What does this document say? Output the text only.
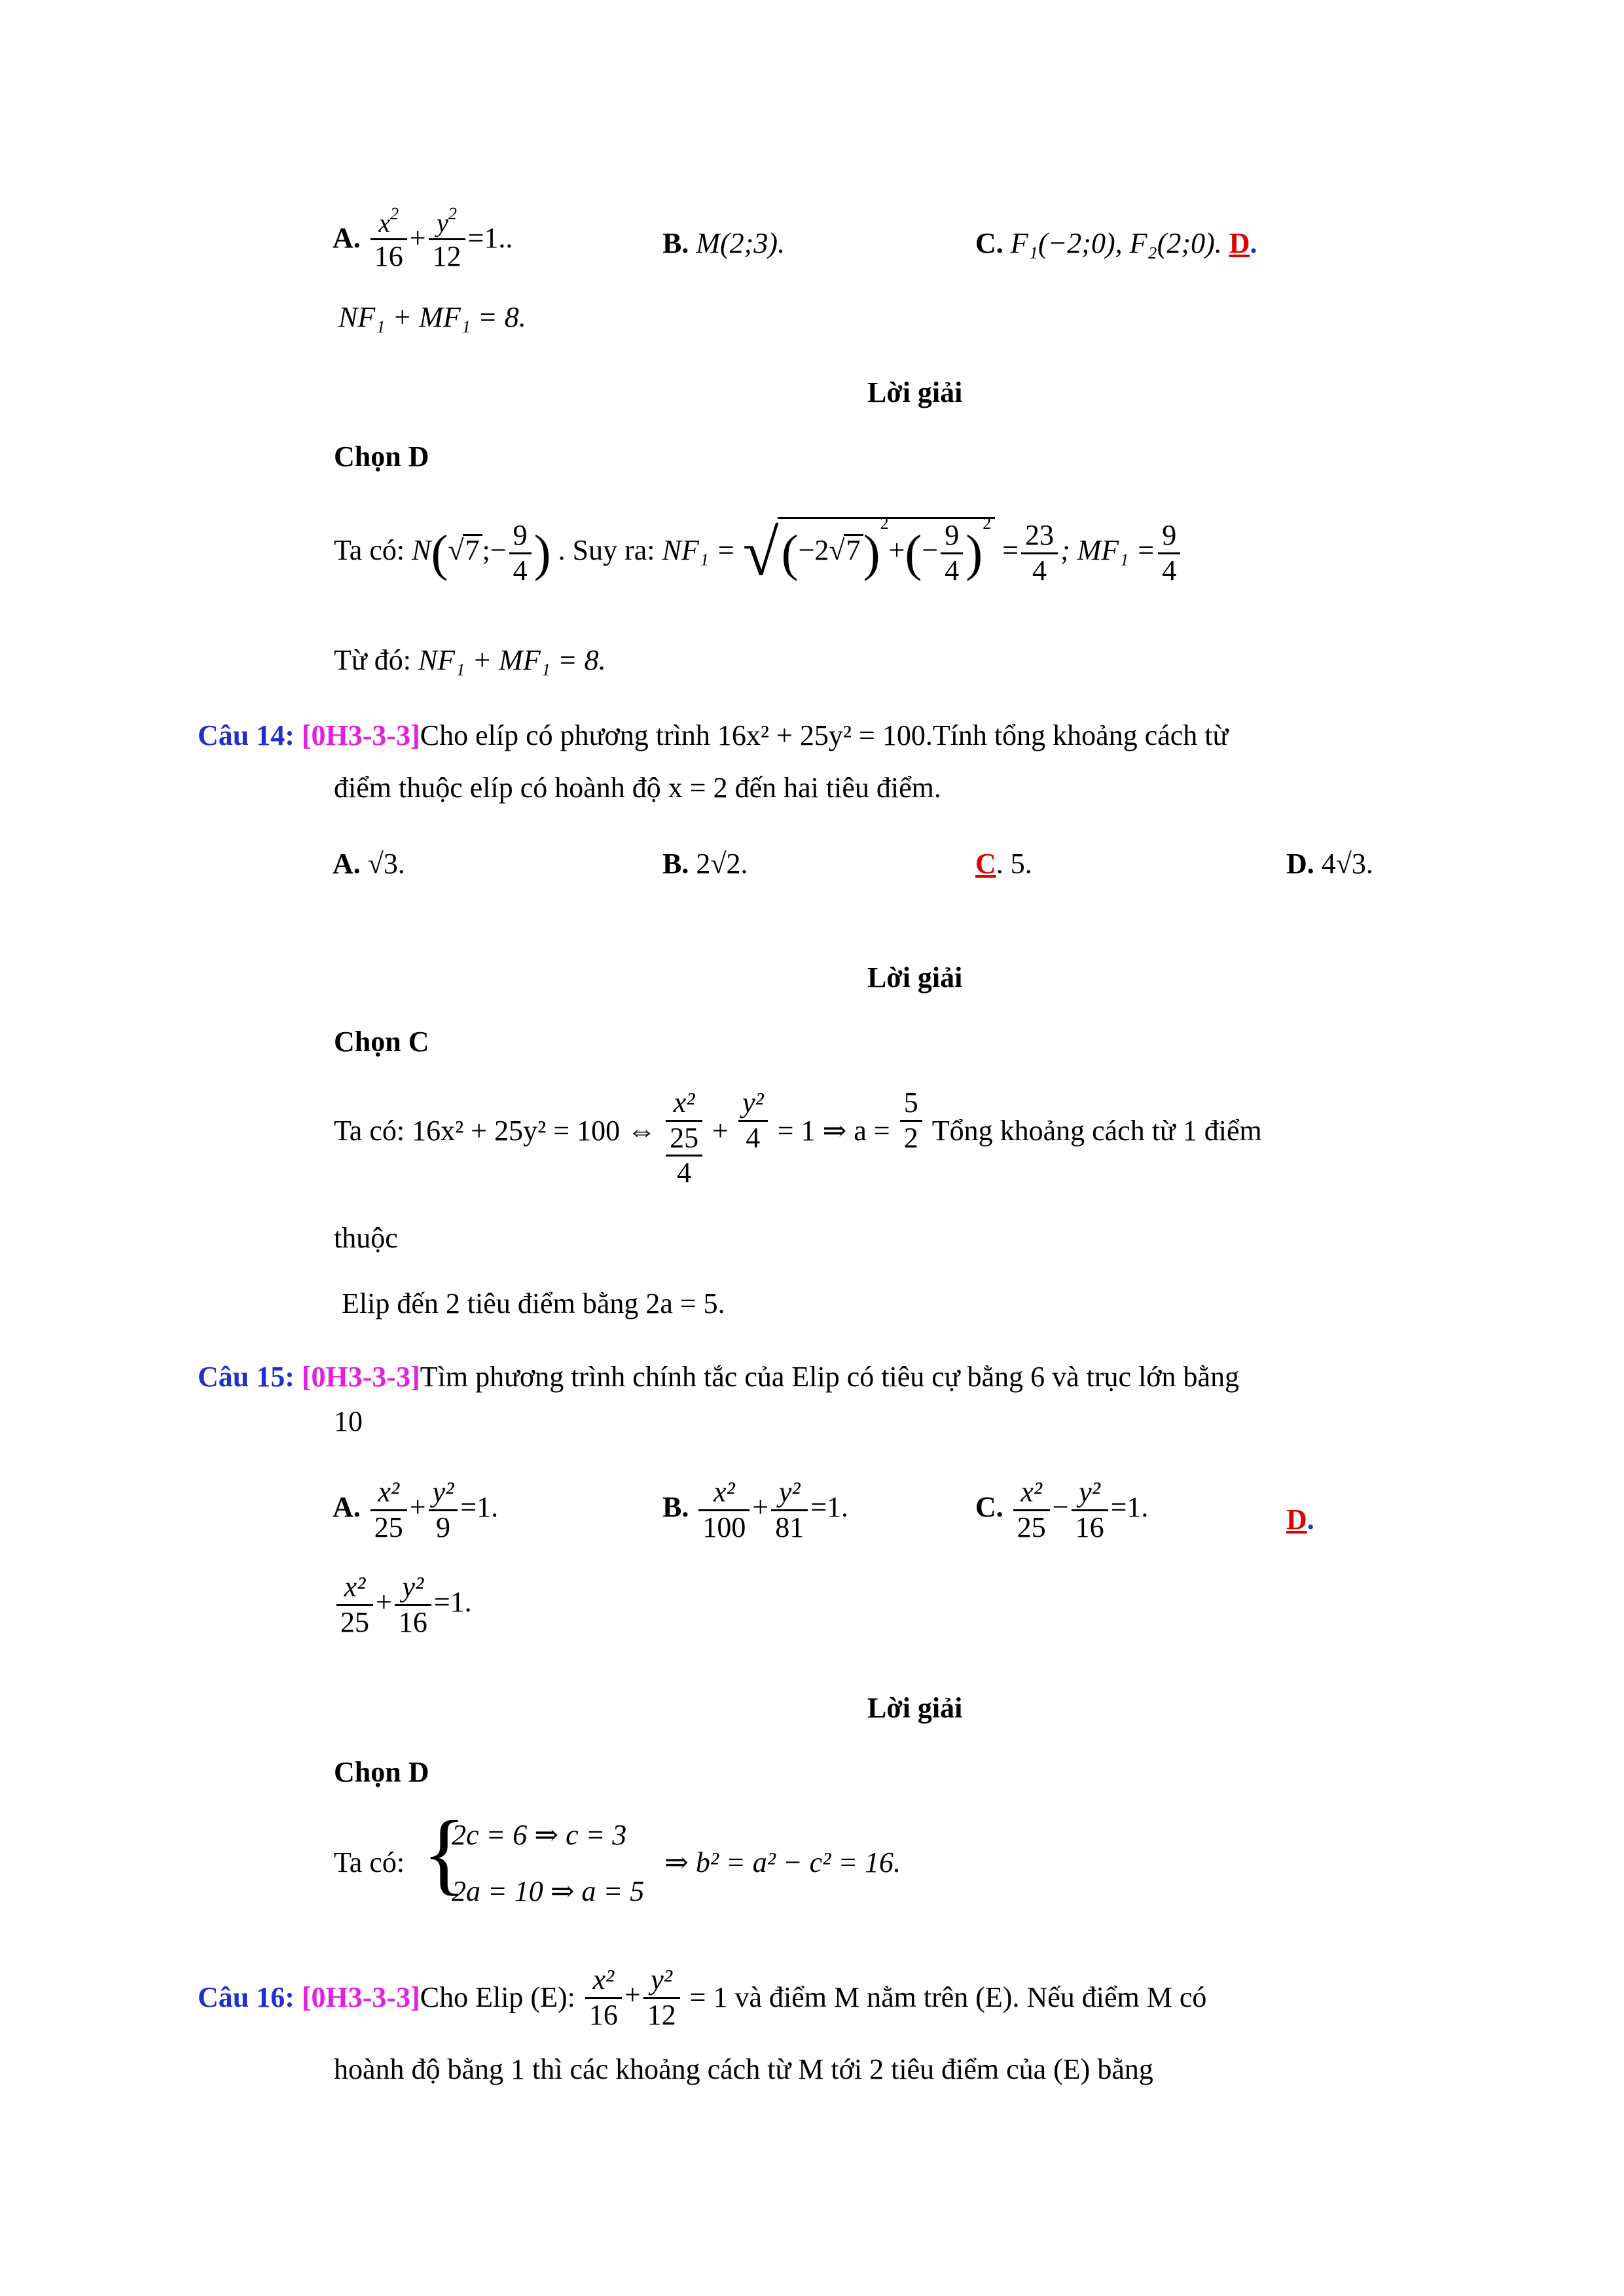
A. $\frac{x^2}{16} + \frac{y^2}{12} =1$..	B. M(2;3).	C. F₁(−2;0), F₂(2;0). D.
NF₁ + MF₁ = 8.
Lời giải
Chọn D
Ta có: N(√7;− $\frac{9}{4}$ ) . Suy ra: $NF_1 = √(-2√7)^2+(- \frac{9}{4} )^2 = \frac{23}{4}$ ; $MF_1 = \frac{9}{4}$
Từ đó: NF₁ + MF₁ = 8.
Câu 14: [0H3-3-3]Cho elíp có phương trình 16x² + 25y² = 100.Tính tổng khoảng cách từ
điểm thuộc elíp có hoành độ x = 2 đến hai tiêu điểm.
A. √3.	B. 2√2.	C. 5.	D. 4√3.
Lời giải
Chọn C
Ta có: 16x² + 25y² = 100 ⇔
x²
25
4
+ $\frac{\text{y²}}{4} = 1$ ⇒ $a = \frac{5}{2}$ Tổng khoảng cách từ 1 điểm
thuộc
Elip đến 2 tiêu điểm bằng 2a = 5.
Câu 15: [0H3-3-3]Tìm phương trình chính tắc của Elip có tiêu cự bằng 6 và trục lớn bằng
10
A. $\frac{\text{x²}}{25} + \frac{\text{y²}}{9} =1$.	B. $\frac{\text{x²}}{100} + \frac{\text{y²}}{81} =1$.	C. $\frac{\text{x²}}{25} - \frac{\text{y²}}{16} =1$.	D.
$\frac{\text{x²}}{25} + \frac{\text{y²}}{16} =1$.
Lời giải
Chọn D
Ta có: {
2c = 6 ⇒ c = 3
2a = 10 ⇒ a = 5
⇒ b² = a² − c² = 16.
Câu 16: [0H3-3-3]Cho Elip (E): $\frac{\text{x²}}{16} + \frac{\text{y²}}{12} = 1$ và điểm M nằm trên (E). Nếu điểm M có
hoành độ bằng 1 thì các khoảng cách từ M tới 2 tiêu điểm của (E) bằng
